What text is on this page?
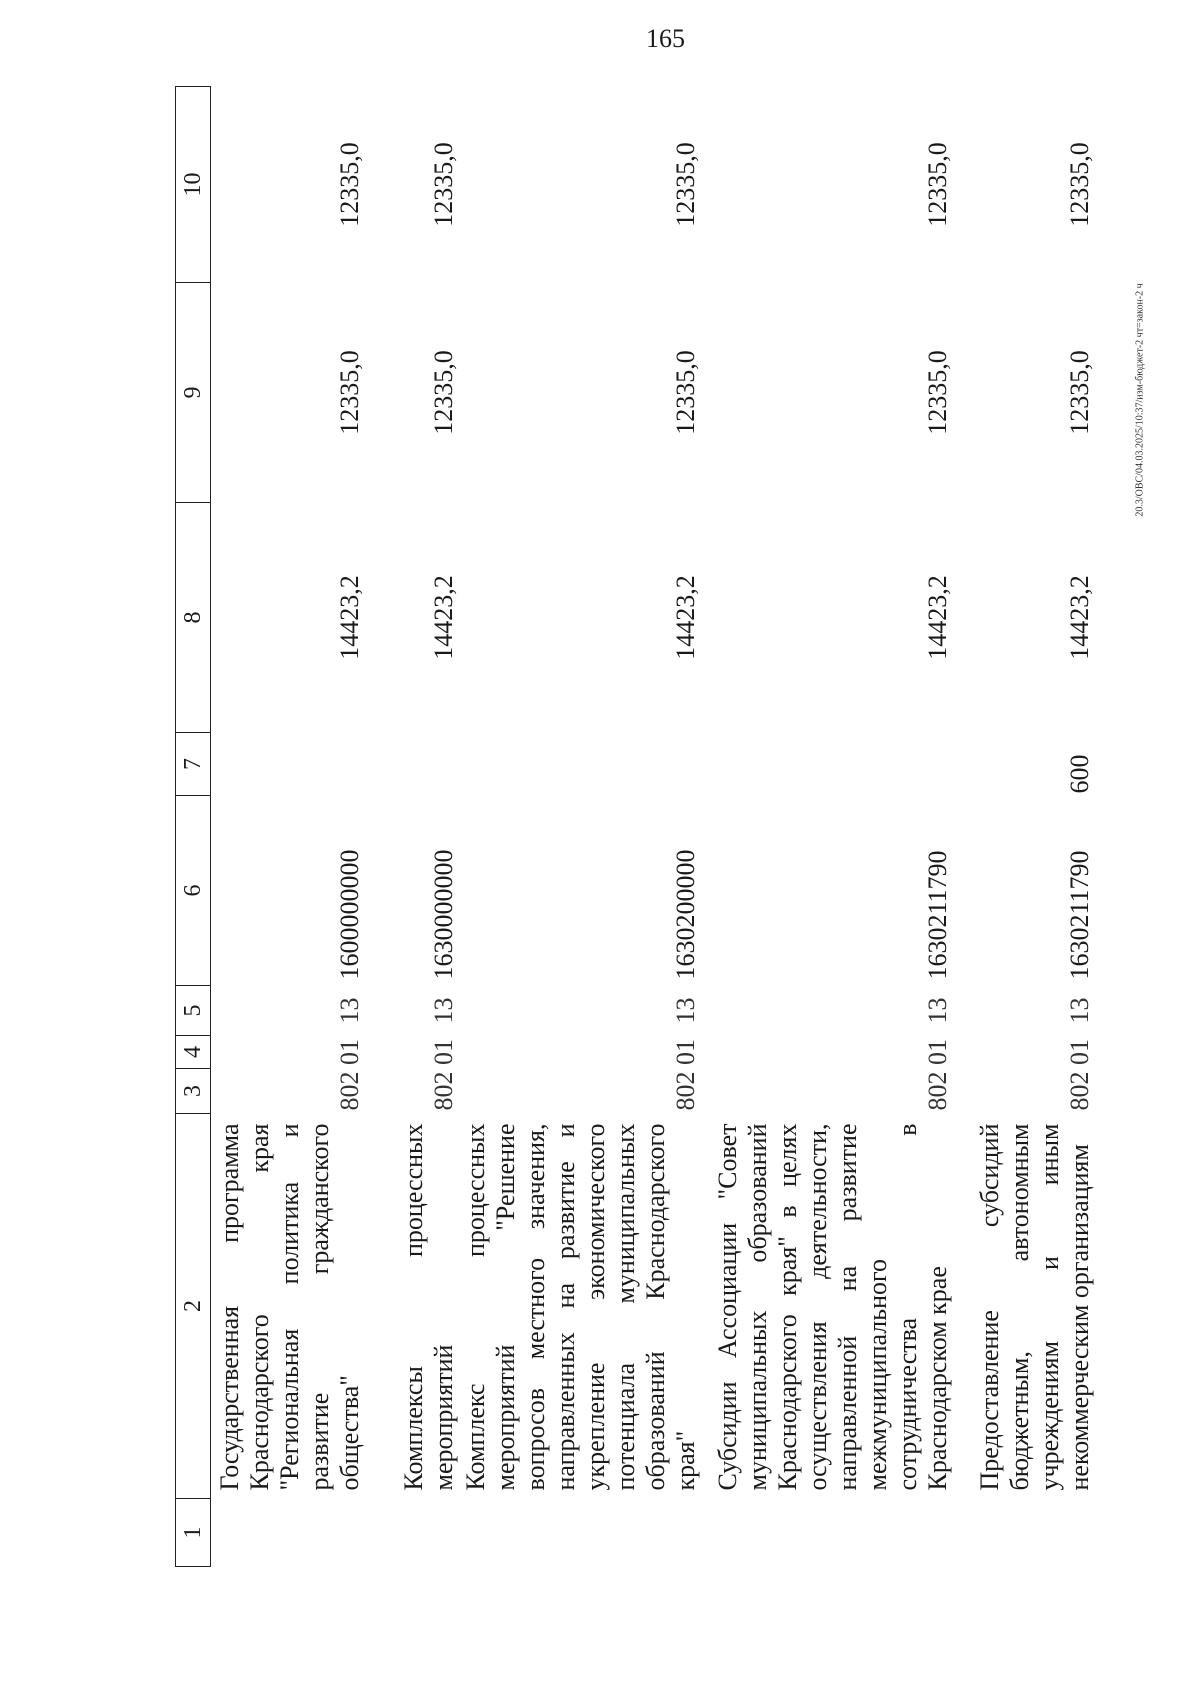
165
20.3/ОВС/04.03.2025/10:37/изм-бюджет-2 чт=закон-2 ч
1	2	3	4	5	6	7	8	9	10
	Государственная программа Краснодарского края "Региональная политика и развитие гражданского общества"	802	01	13	1600000000		14423,2	12335,0	12335,0
	Комплексы процессных мероприятий	802	01	13	1630000000		14423,2	12335,0	12335,0
	Комплекс процессных мероприятий "Решение вопросов местного значения, направленных на развитие и укрепление экономического потенциала муниципальных образований Краснодарского края"	802	01	13	1630200000		14423,2	12335,0	12335,0
	Субсидии Ассоциации "Совет муниципальных образований Краснодарского края" в целях осуществления деятельности, направленной на развитие межмуниципального сотрудничества в Краснодарском крае	802	01	13	1630211790		14423,2	12335,0	12335,0
	Предоставление субсидий бюджетным, автономным учреждениям и иным некоммерческим организациям	802	01	13	1630211790	600	14423,2	12335,0	12335,0
